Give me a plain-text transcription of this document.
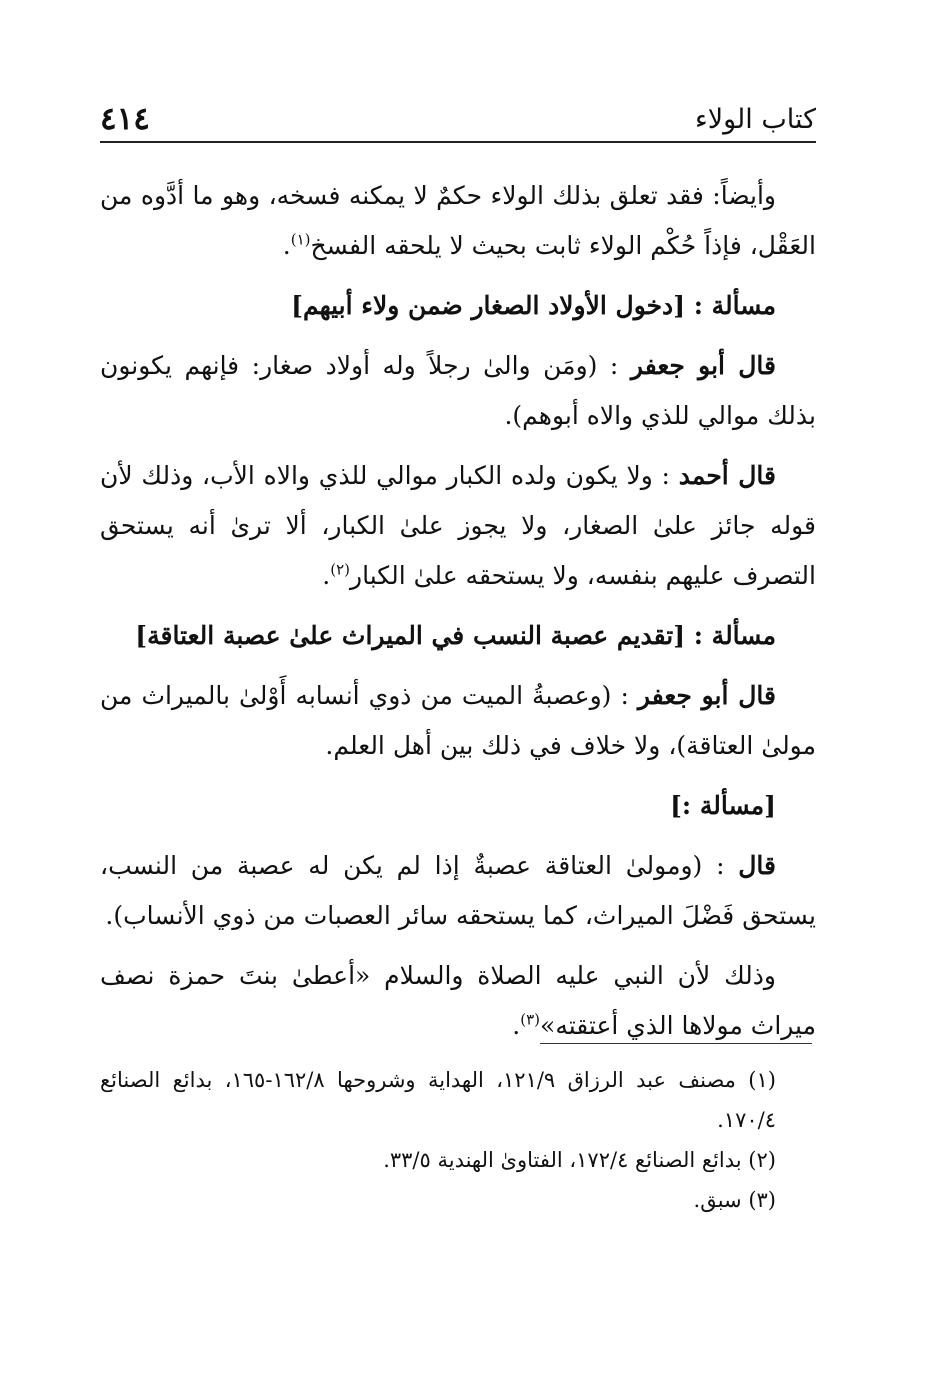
كتاب الولاء
٤١٤

وأيضاً: فقد تعلق بذلك الولاء حكمٌ لا يمكنه فسخه، وهو ما أدَّوه من العَقْل، فإذاً حُكْم الولاء ثابت بحيث لا يلحقه الفسخ$^{(١)}$.

مسألة : [دخول الأولاد الصغار ضمن ولاء أبيهم]

قال أبو جعفر : (ومَن والىٰ رجلاً وله أولاد صغار: فإنهم يكونون بذلك موالي للذي والاه أبوهم).

قال أحمد : ولا يكون ولده الكبار موالي للذي والاه الأب، وذلك لأن قوله جائز علىٰ الصغار، ولا يجوز علىٰ الكبار، ألا ترىٰ أنه يستحق التصرف عليهم بنفسه، ولا يستحقه علىٰ الكبار$^{(٢)}$.

مسألة : [تقديم عصبة النسب في الميراث علىٰ عصبة العتاقة]

قال أبو جعفر : (وعصبةُ الميت من ذوي أنسابه أَوْلىٰ بالميراث من مولىٰ العتاقة)، ولا خلاف في ذلك بين أهل العلم.

[مسألة :]

قال : (ومولىٰ العتاقة عصبةٌ إذا لم يكن له عصبة من النسب، يستحق فَضْلَ الميراث، كما يستحقه سائر العصبات من ذوي الأنساب).

وذلك لأن النبي عليه الصلاة والسلام «أعطىٰ بنتَ حمزة نصف ميراث مولاها الذي أعتقته»$^{(٣)}$.

(١) مصنف عبد الرزاق ١٢١/٩، الهداية وشروحها ١٦٢/٨-١٦٥، بدائع الصنائع ١٧٠/٤.

(٢) بدائع الصنائع ١٧٢/٤، الفتاوىٰ الهندية ٣٣/٥.

(٣) سبق.
